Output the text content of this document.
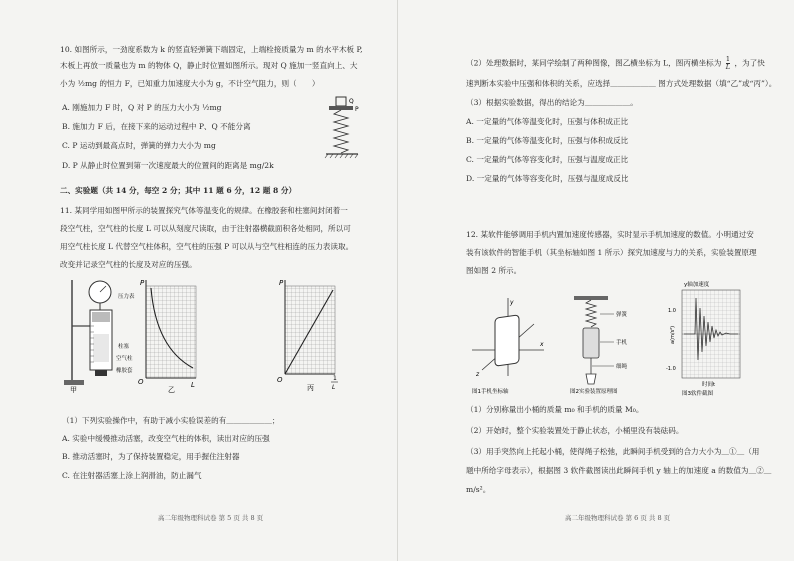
10. 如图所示，一劲度系数为 k 的竖直轻弹簧下端固定，上端栓接质量为 m 的水平木板 P,
木板上再放一质量也为 m 的物体 Q，静止时位置如图所示。现对 Q 施加一竖直向上、大
小为 ½mg 的恒力 F，已知重力加速度大小为 g，不计空气阻力，则（　　）
Q
P
A. 刚施加力 F 时，Q 对 P 的压力大小为 ½mg
B. 施加力 F 后，在接下来的运动过程中 P、Q 不能分离
C. P 运动到最高点时，弹簧的弹力大小为 mg
D. P 从静止时位置到第一次速度最大的位置间的距离是 mg/2k
二、实验题（共 14 分，每空 2 分；其中 11 题 6 分，12 题 8 分）
11. 某同学用如图甲所示的装置探究气体等温变化的规律。在橡胶套和柱塞间封闭着一
段空气柱，空气柱的长度 L 可以从刻度尺读取，由于注射器横截面积各处相同，所以可
用空气柱长度 L 代替空气柱体积，空气柱的压强 P 可以从与空气柱相连的压力表读取。
改变并记录空气柱的长度及对应的压强。
压力表
柱塞
空气柱
橡胶套
甲
P
O	L
乙
P
O	1
L
丙
（1）下列实验操作中，有助于减小实验误差的有＿＿＿＿＿＿；
A. 实验中缓慢推动活塞，改变空气柱的体积，读出对应的压强
B. 推动活塞时，为了保持装置稳定，用手握住注射器
C. 在注射器活塞上涂上润滑油，防止漏气
高二年级物理科试卷 第 5 页 共 8 页
（2）处理数据时，某同学绘制了两种图像，图乙横坐标为 L，图丙横坐标为 $\frac{1}{L}$ ，为了快
速判断本实验中压强和体积的关系，应选择＿＿＿＿＿＿ 图方式处理数据（填“乙”或“丙”）。
（3）根据实验数据，得出的结论为＿＿＿＿＿＿。
A. 一定量的气体等温变化时，压强与体积成正比
B. 一定量的气体等温变化时，压强与体积成反比
C. 一定量的气体等容变化时，压强与温度成正比
D. 一定量的气体等容变化时，压强与温度成反比
12. 某软件能够调用手机内置加速度传感器，实时显示手机加速度的数值。小明通过安
装有该软件的智能手机（其坐标轴如图 1 所示）探究加速度与力的关系，实验装置原理
图如图 2 所示。
y
x
z
图1手机坐标轴
弹簧
手机
细绳
图2实验装置原理图
y轴加速度
1.0
-1.0
a(m/s²)
时间t
图3软件截图
（1）分别称量出小桶的质量 m₀ 和手机的质量 M₀。
（2）开始时，整个实验装置处于静止状态，小桶里没有装砝码。
（3）用手突然向上托起小桶，使得绳子松弛，此瞬间手机受到的合力大小为＿①＿（用
题中所给字母表示），根据图 3 软件截图读出此瞬间手机 y 轴上的加速度 a 的数值为＿②＿
m/s²。
高二年级物理科试卷 第 6 页 共 8 页
